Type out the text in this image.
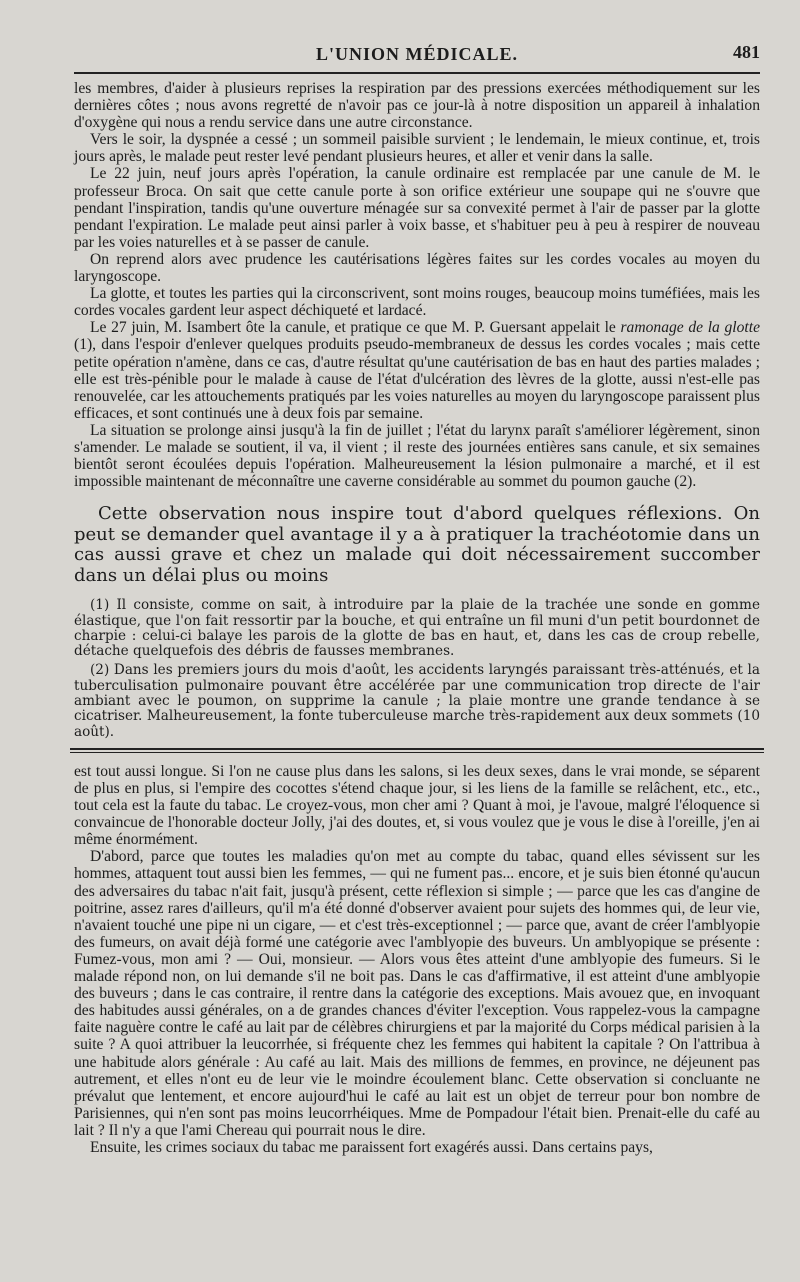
L'UNION MÉDICALE.	481

les membres, d'aider à plusieurs reprises la respiration par des pressions exercées méthodiquement sur les dernières côtes ; nous avons regretté de n'avoir pas ce jour-là à notre disposition un appareil à inhalation d'oxygène qui nous a rendu service dans une autre circonstance.

Vers le soir, la dyspnée a cessé ; un sommeil paisible survient ; le lendemain, le mieux continue, et, trois jours après, le malade peut rester levé pendant plusieurs heures, et aller et venir dans la salle.

Le 22 juin, neuf jours après l'opération, la canule ordinaire est remplacée par une canule de M. le professeur Broca. On sait que cette canule porte à son orifice extérieur une soupape qui ne s'ouvre que pendant l'inspiration, tandis qu'une ouverture ménagée sur sa convexité permet à l'air de passer par la glotte pendant l'expiration. Le malade peut ainsi parler à voix basse, et s'habituer peu à peu à respirer de nouveau par les voies naturelles et à se passer de canule.

On reprend alors avec prudence les cautérisations légères faites sur les cordes vocales au moyen du laryngoscope.

La glotte, et toutes les parties qui la circonscrivent, sont moins rouges, beaucoup moins tuméfiées, mais les cordes vocales gardent leur aspect déchiqueté et lardacé.

Le 27 juin, M. Isambert ôte la canule, et pratique ce que M. P. Guersant appelait le ramonage de la glotte (1), dans l'espoir d'enlever quelques produits pseudo-membraneux de dessus les cordes vocales ; mais cette petite opération n'amène, dans ce cas, d'autre résultat qu'une cautérisation de bas en haut des parties malades ; elle est très-pénible pour le malade à cause de l'état d'ulcération des lèvres de la glotte, aussi n'est-elle pas renouvelée, car les attouchements pratiqués par les voies naturelles au moyen du laryngoscope paraissent plus efficaces, et sont continués une à deux fois par semaine.

La situation se prolonge ainsi jusqu'à la fin de juillet ; l'état du larynx paraît s'améliorer légèrement, sinon s'amender. Le malade se soutient, il va, il vient ; il reste des journées entières sans canule, et six semaines bientôt seront écoulées depuis l'opération. Malheureusement la lésion pulmonaire a marché, et il est impossible maintenant de méconnaître une caverne considérable au sommet du poumon gauche (2).

Cette observation nous inspire tout d'abord quelques réflexions. On peut se demander quel avantage il y a à pratiquer la trachéotomie dans un cas aussi grave et chez un malade qui doit nécessairement succomber dans un délai plus ou moins

(1) Il consiste, comme on sait, à introduire par la plaie de la trachée une sonde en gomme élastique, que l'on fait ressortir par la bouche, et qui entraîne un fil muni d'un petit bourdonnet de charpie : celui-ci balaye les parois de la glotte de bas en haut, et, dans les cas de croup rebelle, détache quelquefois des débris de fausses membranes.

(2) Dans les premiers jours du mois d'août, les accidents laryngés paraissant très-atténués, et la tuberculisation pulmonaire pouvant être accélérée par une communication trop directe de l'air ambiant avec le poumon, on supprime la canule ; la plaie montre une grande tendance à se cicatriser. Malheureusement, la fonte tuberculeuse marche très-rapidement aux deux sommets (10 août).

est tout aussi longue. Si l'on ne cause plus dans les salons, si les deux sexes, dans le vrai monde, se séparent de plus en plus, si l'empire des cocottes s'étend chaque jour, si les liens de la famille se relâchent, etc., etc., tout cela est la faute du tabac. Le croyez-vous, mon cher ami ? Quant à moi, je l'avoue, malgré l'éloquence si convaincue de l'honorable docteur Jolly, j'ai des doutes, et, si vous voulez que je vous le dise à l'oreille, j'en ai même énormément.

D'abord, parce que toutes les maladies qu'on met au compte du tabac, quand elles sévissent sur les hommes, attaquent tout aussi bien les femmes, — qui ne fument pas... encore, et je suis bien étonné qu'aucun des adversaires du tabac n'ait fait, jusqu'à présent, cette réflexion si simple ; — parce que les cas d'angine de poitrine, assez rares d'ailleurs, qu'il m'a été donné d'observer avaient pour sujets des hommes qui, de leur vie, n'avaient touché une pipe ni un cigare, — et c'est très-exceptionnel ; — parce que, avant de créer l'amblyopie des fumeurs, on avait déjà formé une catégorie avec l'amblyopie des buveurs. Un amblyopique se présente : Fumez-vous, mon ami ? — Oui, monsieur. — Alors vous êtes atteint d'une amblyopie des fumeurs. Si le malade répond non, on lui demande s'il ne boit pas. Dans le cas d'affirmative, il est atteint d'une amblyopie des buveurs ; dans le cas contraire, il rentre dans la catégorie des exceptions. Mais avouez que, en invoquant des habitudes aussi générales, on a de grandes chances d'éviter l'exception. Vous rappelez-vous la campagne faite naguère contre le café au lait par de célèbres chirurgiens et par la majorité du Corps médical parisien à la suite ? A quoi attribuer la leucorrhée, si fréquente chez les femmes qui habitent la capitale ? On l'attribua à une habitude alors générale : Au café au lait. Mais des millions de femmes, en province, ne déjeunent pas autrement, et elles n'ont eu de leur vie le moindre écoulement blanc. Cette observation si concluante ne prévalut que lentement, et encore aujourd'hui le café au lait est un objet de terreur pour bon nombre de Parisiennes, qui n'en sont pas moins leucorrhéiques. Mme de Pompadour l'était bien. Prenait-elle du café au lait ? Il n'y a que l'ami Chereau qui pourrait nous le dire.

Ensuite, les crimes sociaux du tabac me paraissent fort exagérés aussi. Dans certains pays,
